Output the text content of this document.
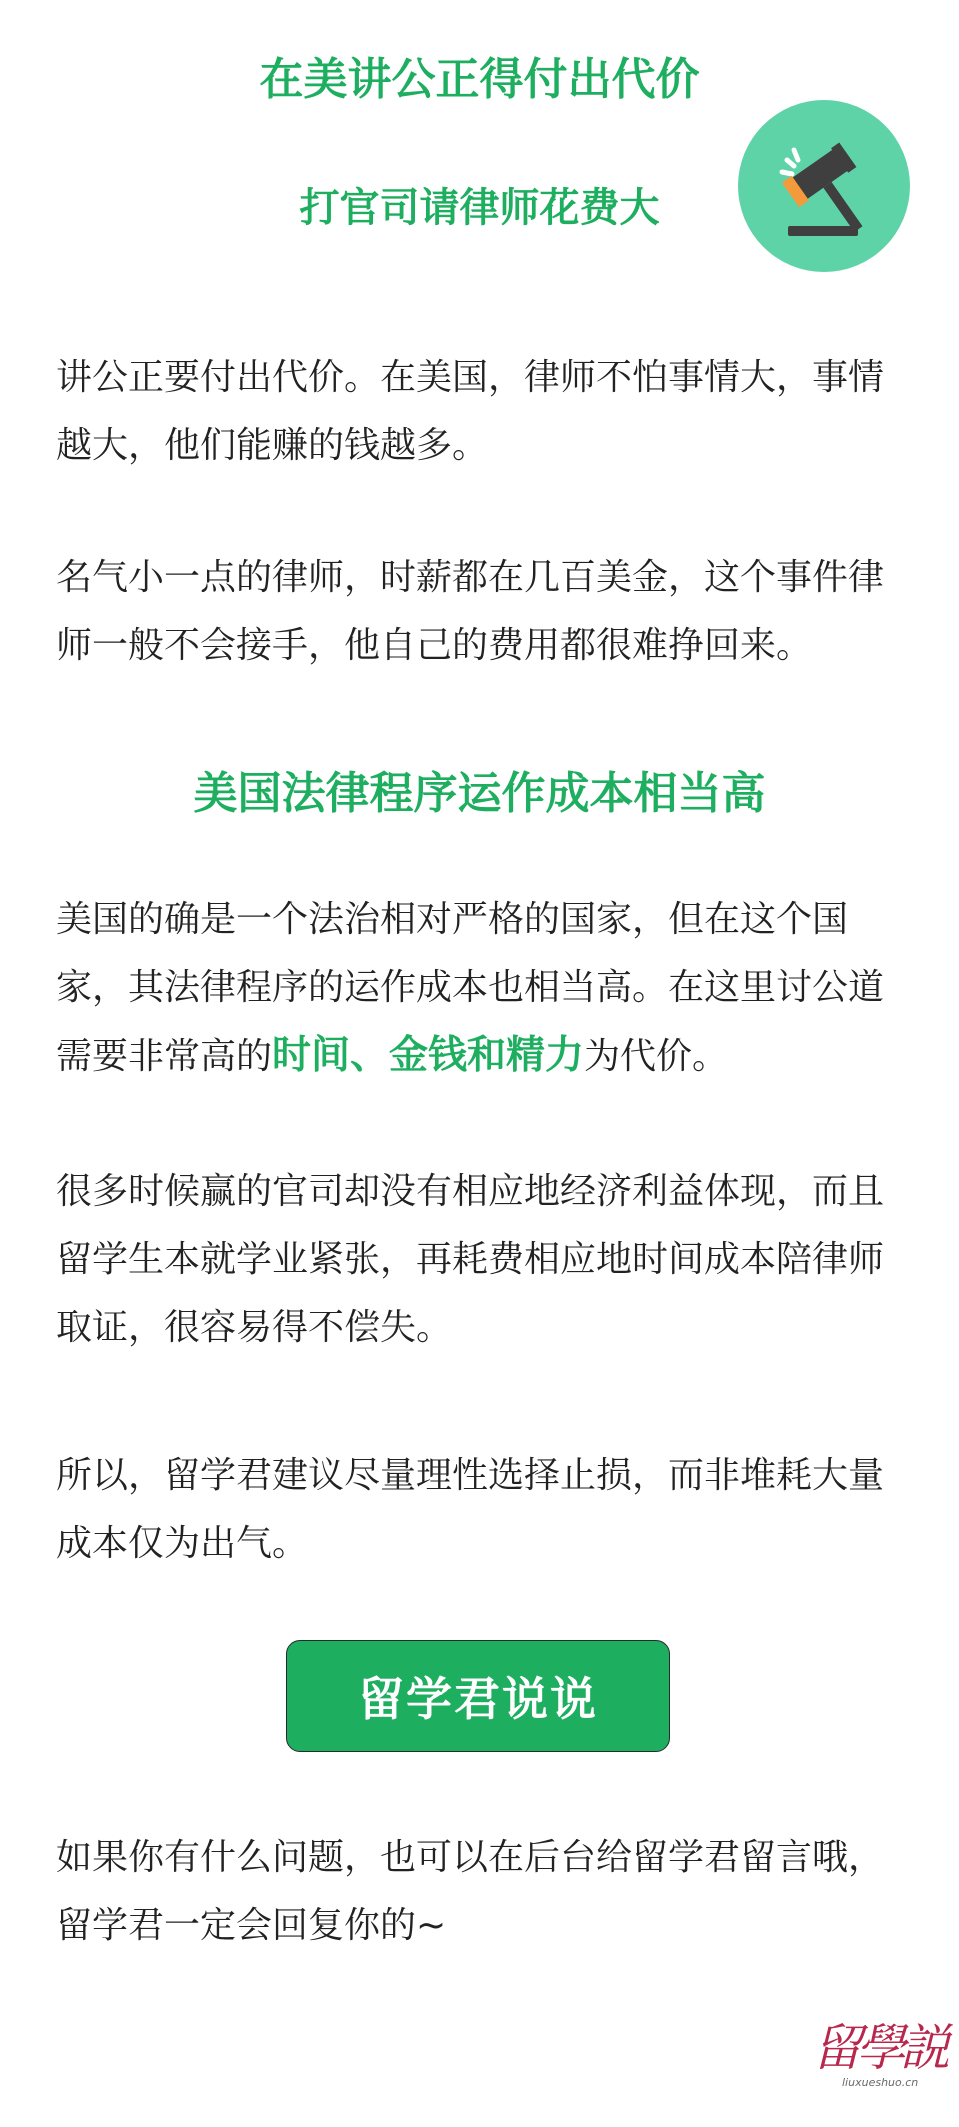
在美讲公正得付出代价
打官司请律师花费大

讲公正要付出代价。在美国，律师不怕事情大，事情越大，他们能赚的钱越多。

名气小一点的律师，时薪都在几百美金，这个事件律师一般不会接手，他自己的费用都很难挣回来。

美国法律程序运作成本相当高

美国的确是一个法治相对严格的国家，但在这个国家，其法律程序的运作成本也相当高。在这里讨公道需要非常高的时间、金钱和精力为代价。

很多时候赢的官司却没有相应地经济利益体现，而且留学生本就学业紧张，再耗费相应地时间成本陪律师取证，很容易得不偿失。

所以，留学君建议尽量理性选择止损，而非堆耗大量成本仅为出气。

留学君说说

如果你有什么问题，也可以在后台给留学君留言哦，留学君一定会回复你的~

留學説
liuxueshuo.cn
